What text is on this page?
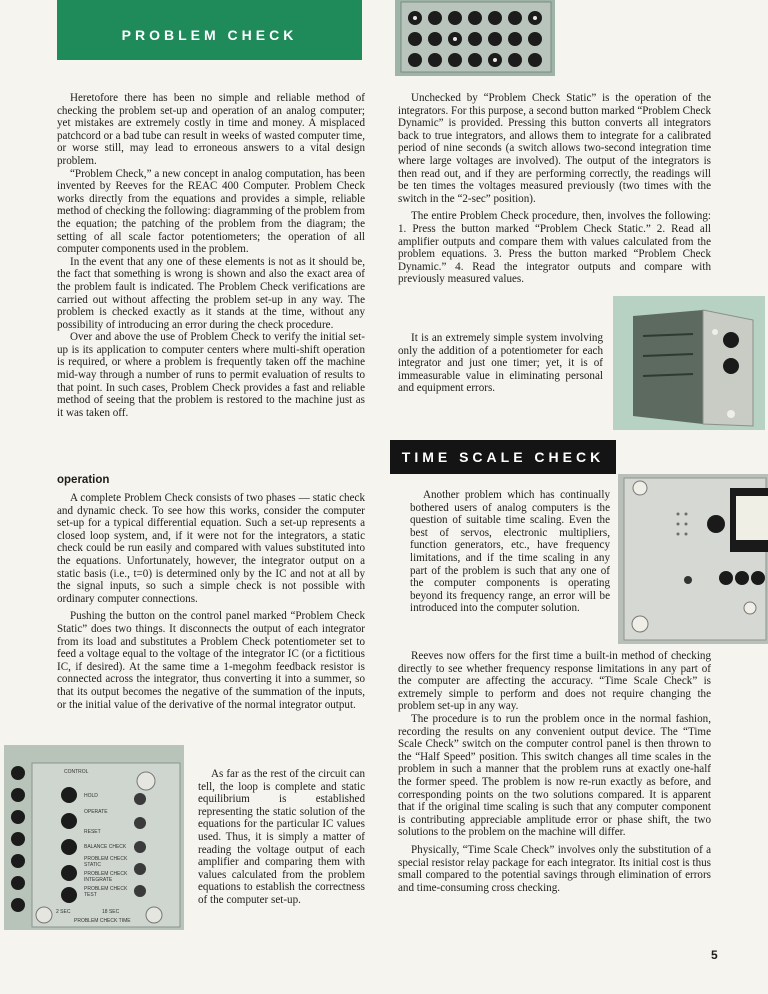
PROBLEM CHECK

Heretofore there has been no simple and reliable method of checking the problem set-up and operation of an analog computer; yet mistakes are extremely costly in time and money. A misplaced patchcord or a bad tube can result in weeks of wasted computer time, or worse still, may lead to erroneous answers to a vital design problem.

“Problem Check,” a new concept in analog computation, has been invented by Reeves for the REAC 400 Computer. Problem Check works directly from the equations and provides a simple, reliable method of checking the following: diagramming of the problem from the equation; the patching of the problem from the diagram; the setting of all scale factor potentiometers; the operation of all computer components used in the problem.

In the event that any one of these elements is not as it should be, the fact that something is wrong is shown and also the exact area of the problem fault is indicated. The Problem Check verifications are carried out without affecting the problem set-up in any way. The problem is checked exactly as it stands at the time, without any possibility of introducing an error during the check procedure.

Over and above the use of Problem Check to verify the initial set-up is its application to computer centers where multi-shift operation is required, or where a problem is frequently taken off the machine mid-way through a number of runs to permit evaluation of results to that point. In such cases, Problem Check provides a fast and reliable method of seeing that the problem is restored to the machine just as it was taken off.

operation

A complete Problem Check consists of two phases — static check and dynamic check. To see how this works, consider the computer set-up for a typical differential equation. Such a set-up represents a closed loop system, and, if it were not for the integrators, a static check could be run easily and compared with values substituted into the equations. Unfortunately, however, the integrator output on a static basis (i.e., t=0) is determined only by the IC and not at all by the signal inputs, so such a simple check is not possible with ordinary computer connections.

Pushing the button on the control panel marked “Problem Check Static” does two things. It disconnects the output of each integrator from its load and substitutes a Problem Check potentiometer set to feed a voltage equal to the voltage of the integrator IC (or a fictitious IC, if desired). At the same time a 1-megohm feedback resistor is connected across the integrator, thus converting it into a summer, so that its output becomes the negative of the summation of the inputs, or the initial value of the derivative of the normal integrator output.

CONTROL
HOLD
OPERATE
RESET
BALANCE CHECK
PROBLEM CHECK STATIC
PROBLEM CHECK INTEGRATE
PROBLEM CHECK TEST
2 SEC	18 SEC
PROBLEM CHECK TIME

As far as the rest of the circuit can tell, the loop is complete and static equilibrium is established representing the static solution of the equations for the particular IC values used. Thus, it is simply a matter of reading the voltage output of each amplifier and comparing them with values calculated from the problem equations to establish the correctness of the computer set-up.

Unchecked by “Problem Check Static” is the operation of the integrators. For this purpose, a second button marked “Problem Check Dynamic” is provided. Pressing this button converts all integrators back to true integrators, and allows them to integrate for a calibrated period of nine seconds (a switch allows two-second integration time where large voltages are involved). The output of the integrators is then read out, and if they are performing correctly, the readings will be ten times the voltages measured previously (two times with the switch in the “2-sec” position).

The entire Problem Check procedure, then, involves the following: 1. Press the button marked “Problem Check Static.” 2. Read all amplifier outputs and compare them with values calculated from the problem equations. 3. Press the button marked “Problem Check Dynamic.” 4. Read the integrator outputs and compare with previously measured values.

It is an extremely simple system involving only the addition of a potentiometer for each integrator and just one timer; yet, it is of immeasurable value in eliminating personal and equipment errors.

TIME SCALE CHECK

Another problem which has continually bothered users of analog computers is the question of suitable time scaling. Even the best of servos, electronic multipliers, function generators, etc., have frequency limitations, and if the time scaling in any part of the problem is such that any one of the computer components is operating beyond its frequency range, an error will be introduced into the computer solution.

Reeves now offers for the first time a built-in method of checking directly to see whether frequency response limitations in any part of the computer are affecting the accuracy. “Time Scale Check” is extremely simple to perform and does not require changing the problem set-up in any way.

The procedure is to run the problem once in the normal fashion, recording the results on any convenient output device. The “Time Scale Check” switch on the computer control panel is then thrown to the “Half Speed” position. This switch changes all time scales in the problem in such a manner that the problem runs at exactly one-half the former speed. The problem is now re-run exactly as before, and corresponding points on the two solutions compared. It is apparent that if the original time scaling is such that any computer component is contributing appreciable amplitude error or phase shift, the two solutions to the problem on the machine will differ.

Physically, “Time Scale Check” involves only the substitution of a special resistor relay package for each integrator. Its initial cost is thus small compared to the potential savings through elimination of errors and time-consuming cross checking.

5
